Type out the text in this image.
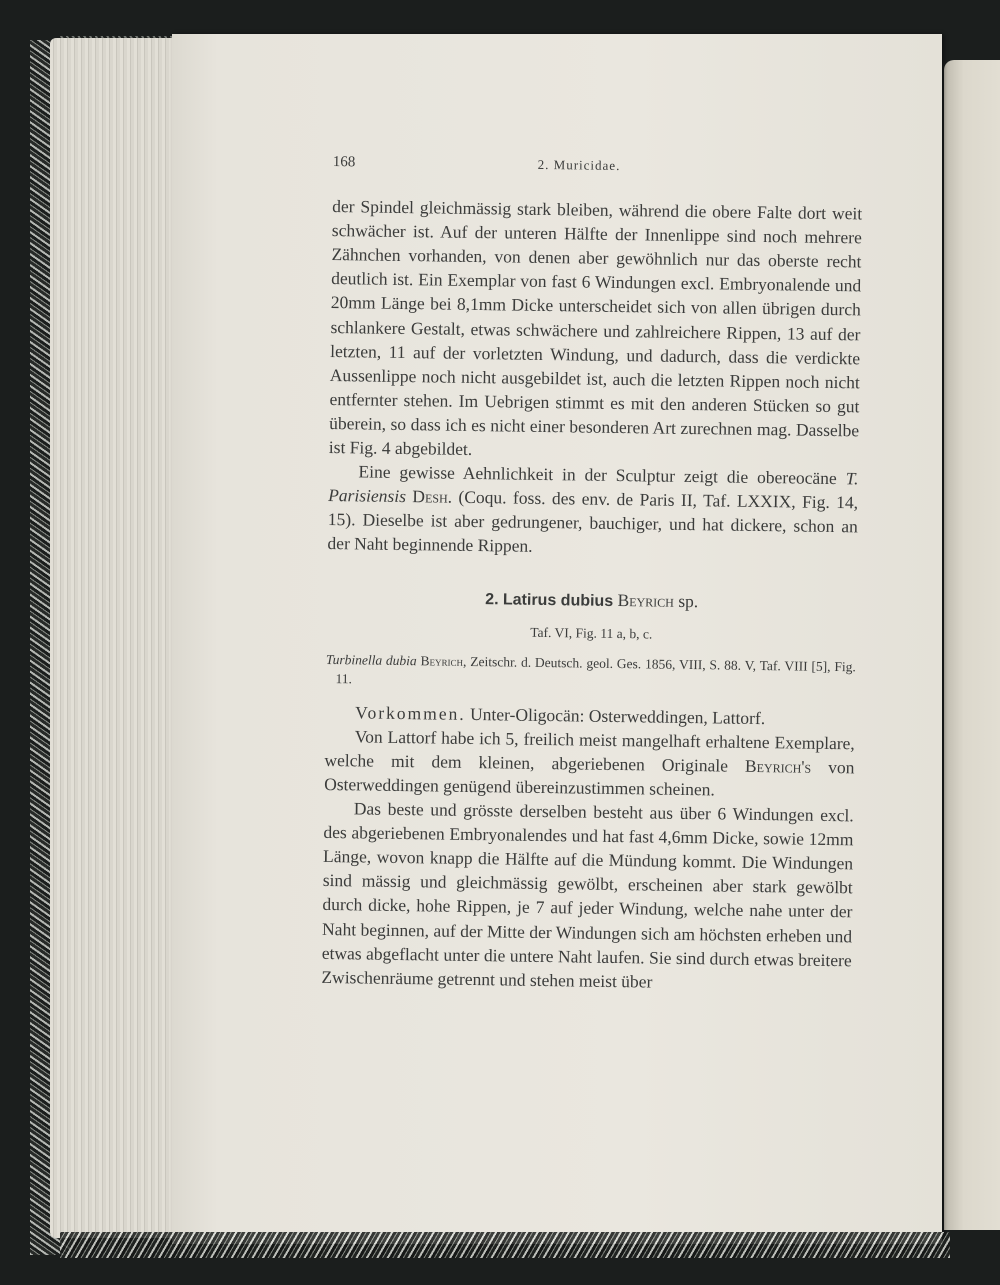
168	2. Muricidae.

der Spindel gleichmässig stark bleiben, während die obere Falte dort weit schwächer ist. Auf der unteren Hälfte der Innenlippe sind noch mehrere Zähnchen vorhanden, von denen aber gewöhnlich nur das oberste recht deutlich ist. Ein Exemplar von fast 6 Windungen excl. Embryonalende und 20mm Länge bei 8,1mm Dicke unterscheidet sich von allen übrigen durch schlankere Gestalt, etwas schwächere und zahlreichere Rippen, 13 auf der letzten, 11 auf der vorletzten Windung, und dadurch, dass die verdickte Aussenlippe noch nicht ausgebildet ist, auch die letzten Rippen noch nicht entfernter stehen. Im Uebrigen stimmt es mit den anderen Stücken so gut überein, so dass ich es nicht einer besonderen Art zurechnen mag. Dasselbe ist Fig. 4 abgebildet.

Eine gewisse Aehnlichkeit in der Sculptur zeigt die obereocäne T. Parisiensis Desh. (Coqu. foss. des env. de Paris II, Taf. LXXIX, Fig. 14, 15). Dieselbe ist aber gedrungener, bauchiger, und hat dickere, schon an der Naht beginnende Rippen.

2. Latirus dubius Beyrich sp.
Taf. VI, Fig. 11 a, b, c.

Turbinella dubia Beyrich, Zeitschr. d. Deutsch. geol. Ges. 1856, VIII, S. 88. V, Taf. VIII [5], Fig. 11.

Vorkommen. Unter-Oligocän: Osterweddingen, Lattorf.

Von Lattorf habe ich 5, freilich meist mangelhaft erhaltene Exemplare, welche mit dem kleinen, abgeriebenen Originale Beyrich's von Osterweddingen genügend übereinzustimmen scheinen.

Das beste und grösste derselben besteht aus über 6 Windungen excl. des abgeriebenen Embryonalendes und hat fast 4,6mm Dicke, sowie 12mm Länge, wovon knapp die Hälfte auf die Mündung kommt. Die Windungen sind mässig und gleichmässig gewölbt, erscheinen aber stark gewölbt durch dicke, hohe Rippen, je 7 auf jeder Windung, welche nahe unter der Naht beginnen, auf der Mitte der Windungen sich am höchsten erheben und etwas abgeflacht unter die untere Naht laufen. Sie sind durch etwas breitere Zwischenräume getrennt und stehen meist über
